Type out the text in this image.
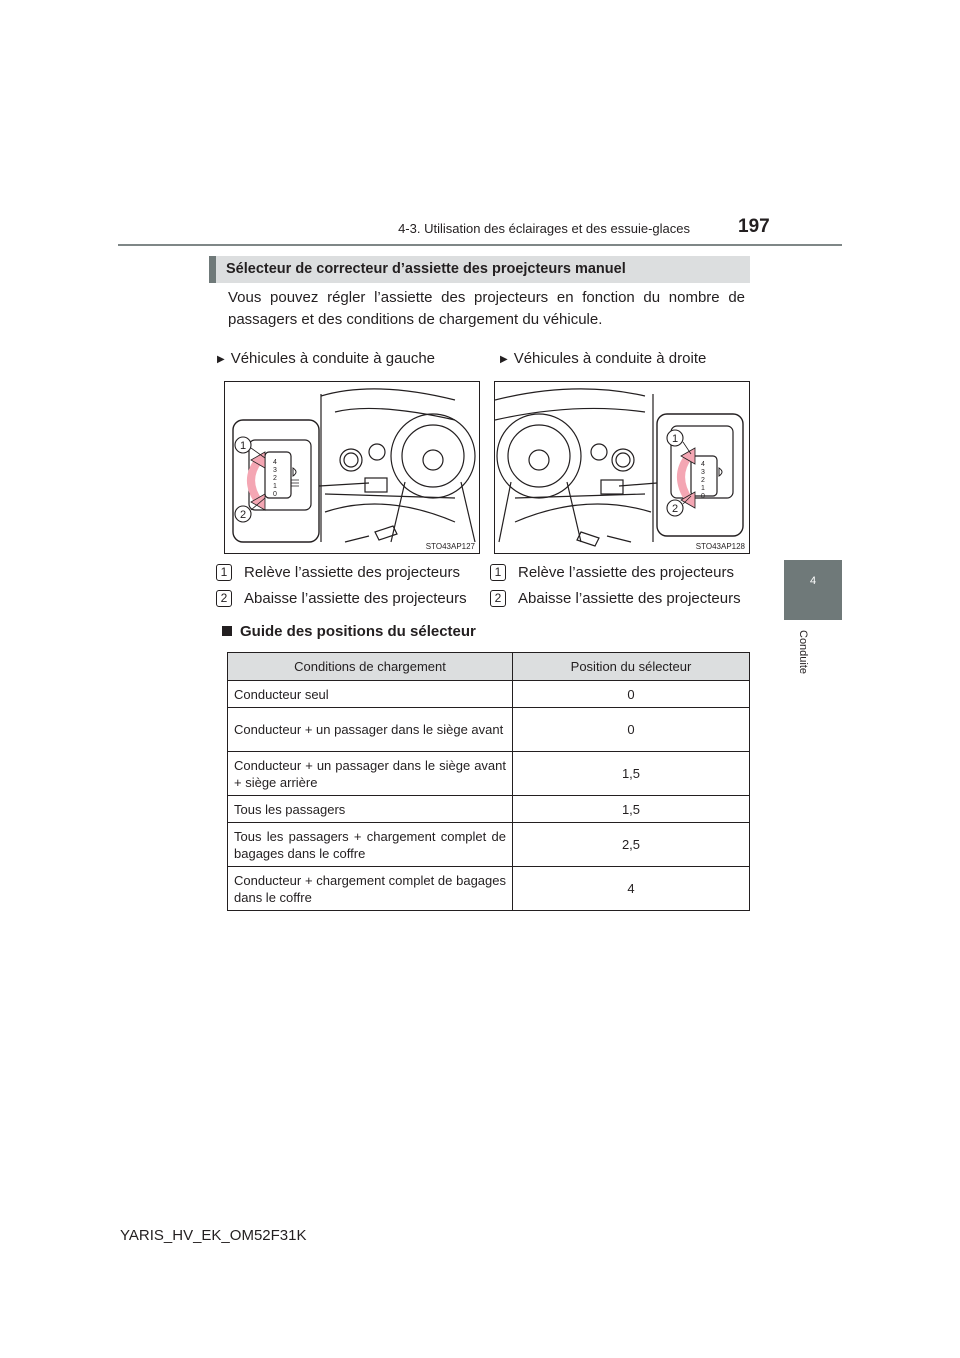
4-3. Utilisation des éclairages et des essuie-glaces	197
4
Conduite
Sélecteur de correcteur d’assiette des proejcteurs manuel
Vous pouvez régler l’assiette des projecteurs en fonction du nombre de passagers et des conditions de chargement du véhicule.
▶ Véhicules à conduite à gauche	▶ Véhicules à conduite à droite
1
2
4
3
2
1
0
STO43AP127
1
2
4
3
2
1
0
STO43AP128
1 Relève l’assiette des projecteurs
2 Abaisse l’assiette des projecteurs
1 Relève l’assiette des projecteurs
2 Abaisse l’assiette des projecteurs
Guide des positions du sélecteur
Conditions de chargement	Position du sélecteur
Conducteur seul	0
Conducteur + un passager dans le siège avant	0
Conducteur + un passager dans le siège avant + siège arrière	1,5
Tous les passagers	1,5
Tous les passagers + chargement complet de bagages dans le coffre	2,5
Conducteur + chargement complet de bagages dans le coffre	4
YARIS_HV_EK_OM52F31K
